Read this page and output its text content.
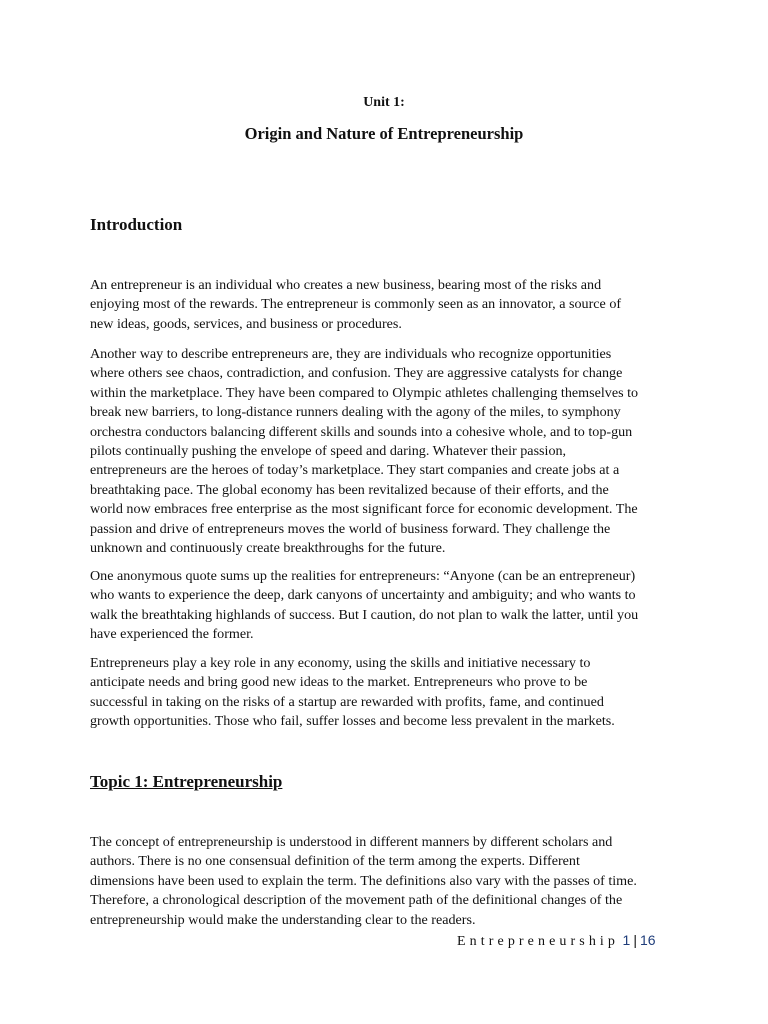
Unit 1:
Origin and Nature of Entrepreneurship
Introduction

An entrepreneur is an individual who creates a new business, bearing most of the risks and
enjoying most of the rewards. The entrepreneur is commonly seen as an innovator, a source of
new ideas, goods, services, and business or procedures.

Another way to describe entrepreneurs are, they are individuals who recognize opportunities
where others see chaos, contradiction, and confusion. They are aggressive catalysts for change
within the marketplace. They have been compared to Olympic athletes challenging themselves to
break new barriers, to long-distance runners dealing with the agony of the miles, to symphony
orchestra conductors balancing different skills and sounds into a cohesive whole, and to top-gun
pilots continually pushing the envelope of speed and daring. Whatever their passion,
entrepreneurs are the heroes of today’s marketplace. They start companies and create jobs at a
breathtaking pace. The global economy has been revitalized because of their efforts, and the
world now embraces free enterprise as the most significant force for economic development. The
passion and drive of entrepreneurs moves the world of business forward. They challenge the
unknown and continuously create breakthroughs for the future.

One anonymous quote sums up the realities for entrepreneurs: “Anyone (can be an entrepreneur)
who wants to experience the deep, dark canyons of uncertainty and ambiguity; and who wants to
walk the breathtaking highlands of success. But I caution, do not plan to walk the latter, until you
have experienced the former.

Entrepreneurs play a key role in any economy, using the skills and initiative necessary to
anticipate needs and bring good new ideas to the market. Entrepreneurs who prove to be
successful in taking on the risks of a startup are rewarded with profits, fame, and continued
growth opportunities. Those who fail, suffer losses and become less prevalent in the markets.

Topic 1: Entrepreneurship

The concept of entrepreneurship is understood in different manners by different scholars and
authors. There is no one consensual definition of the term among the experts. Different
dimensions have been used to explain the term. The definitions also vary with the passes of time.
Therefore, a chronological description of the movement path of the definitional changes of the
entrepreneurship would make the understanding clear to the readers.

Entrepreneurship 1 | 16
